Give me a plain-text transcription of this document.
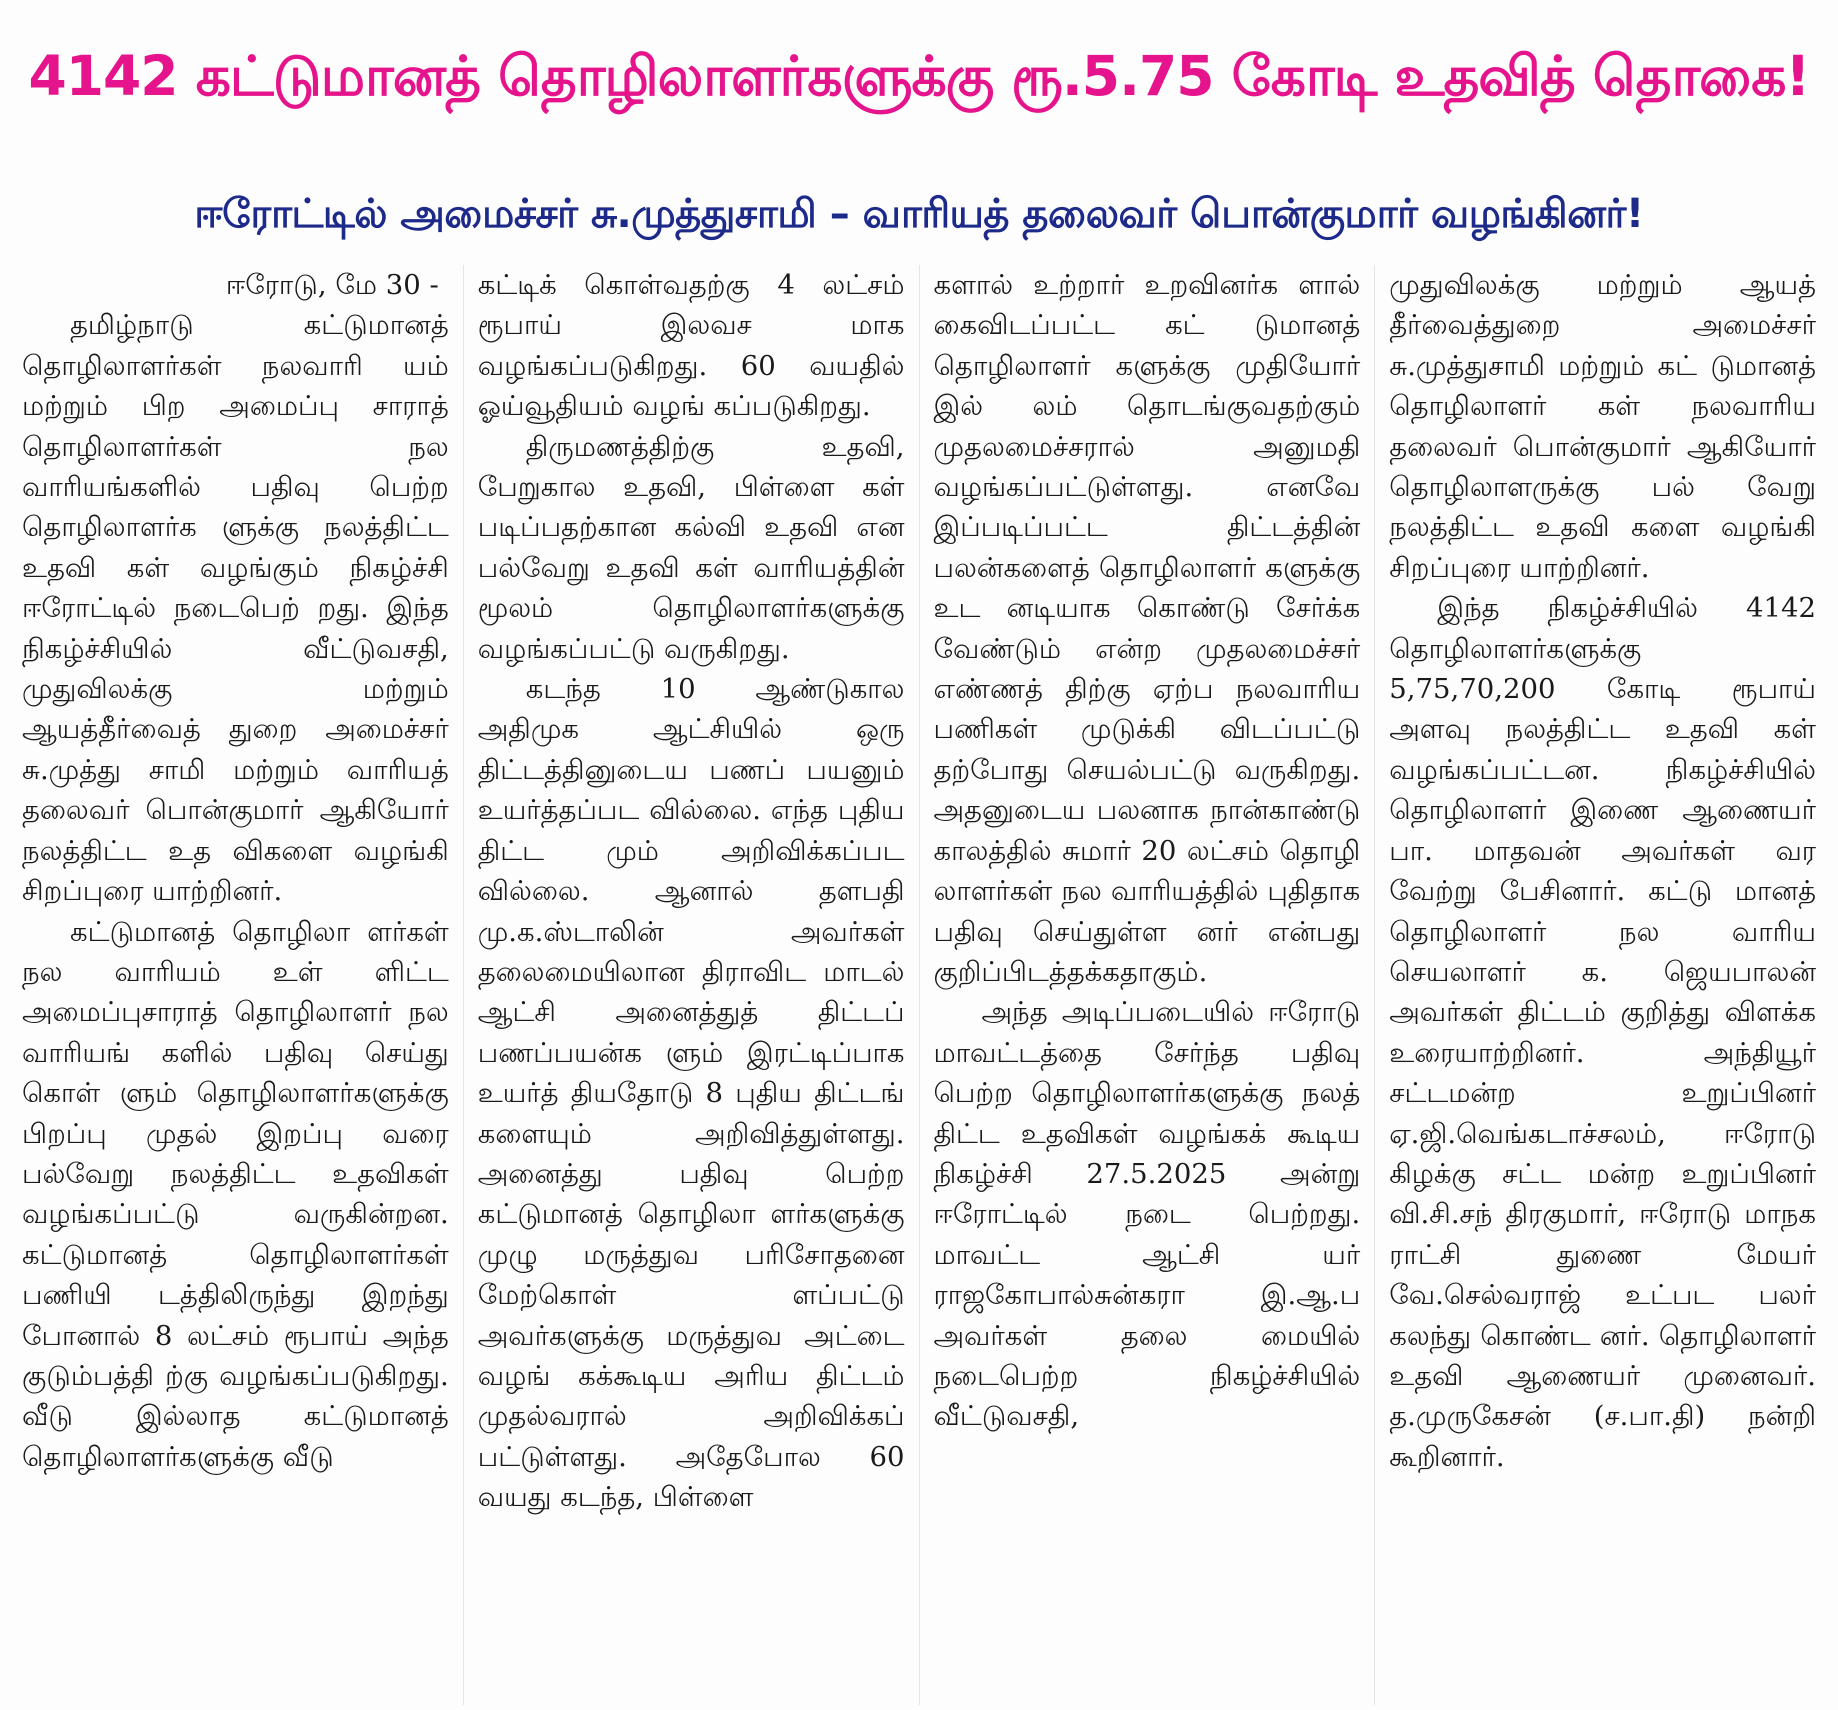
4142 கட்டுமானத் தொழிலாளர்களுக்கு ரூ.5.75 கோடி உதவித் தொகை!
ஈரோட்டில் அமைச்சர் சு.முத்துசாமி – வாரியத் தலைவர் பொன்குமார் வழங்கினர்!

ஈரோடு, மே 30 -

தமிழ்நாடு கட்டுமானத் தொழிலாளர்கள் நலவாரி யம் மற்றும் பிற அமைப்பு சாராத் தொழிலாளர்கள் நல வாரியங்களில் பதிவு பெற்ற தொழிலாளர்க ளுக்கு நலத்திட்ட உதவி கள் வழங்கும் நிகழ்ச்சி ஈரோட்டில் நடைபெற் றது. இந்த நிகழ்ச்சியில் வீட்டுவசதி, முதுவிலக்கு மற்றும் ஆயத்தீர்வைத் துறை அமைச்சர் சு.முத்து சாமி மற்றும் வாரியத் தலைவர் பொன்குமார் ஆகியோர் நலத்திட்ட உத விகளை வழங்கி சிறப்புரை யாற்றினர்.

கட்டுமானத் தொழிலா ளர்கள் நல வாரியம் உள் ளிட்ட அமைப்புசாராத் தொழிலாளர் நல வாரியங் களில் பதிவு செய்து கொள் ளும் தொழிலாளர்களுக்கு பிறப்பு முதல் இறப்பு வரை பல்வேறு நலத்திட்ட உதவிகள் வழங்கப்பட்டு வருகின்றன. கட்டுமானத் தொழிலாளர்கள் பணியி டத்திலிருந்து இறந்து போனால் 8 லட்சம் ரூபாய் அந்த குடும்பத்தி ற்கு வழங்கப்படுகிறது. வீடு இல்லாத கட்டுமானத் தொழிலாளர்களுக்கு வீடு

கட்டிக் கொள்வதற்கு 4 லட்சம் ரூபாய் இலவச மாக வழங்கப்படுகிறது. 60 வயதில் ஓய்வூதியம் வழங் கப்படுகிறது.

திருமணத்திற்கு உதவி, பேறுகால உதவி, பிள்ளை கள் படிப்பதற்கான கல்வி உதவி என பல்வேறு உதவி கள் வாரியத்தின் மூலம் தொழிலாளர்களுக்கு வழங்கப்பட்டு வருகிறது.

கடந்த 10 ஆண்டுகால அதிமுக ஆட்சியில் ஒரு திட்டத்தினுடைய பணப் பயனும் உயர்த்தப்பட வில்லை. எந்த புதிய திட்ட மும் அறிவிக்கப்பட வில்லை. ஆனால் தளபதி மு.க.ஸ்டாலின் அவர்கள் தலைமையிலான திராவிட மாடல் ஆட்சி அனைத்துத் திட்டப் பணப்பயன்க ளும் இரட்டிப்பாக உயர்த் தியதோடு 8 புதிய திட்டங் களையும் அறிவித்துள்ளது. அனைத்து பதிவு பெற்ற கட்டுமானத் தொழிலா ளர்களுக்கு முழு மருத்துவ பரிசோதனை மேற்கொள் ளப்பட்டு அவர்களுக்கு மருத்துவ அட்டை வழங் கக்கூடிய அரிய திட்டம் முதல்வரால் அறிவிக்கப் பட்டுள்ளது. அதேபோல 60 வயது கடந்த, பிள்ளை

களால் உற்றார் உறவினர்க ளால் கைவிடப்பட்ட கட் டுமானத் தொழிலாளர் களுக்கு முதியோர் இல் லம் தொடங்குவதற்கும் முதலமைச்சரால் அனுமதி வழங்கப்பட்டுள்ளது. எனவே இப்படிப்பட்ட திட்டத்தின் பலன்களைத் தொழிலாளர் களுக்கு உட னடியாக கொண்டு சேர்க்க வேண்டும் என்ற முதலமைச்சர் எண்ணத் திற்கு ஏற்ப நலவாரிய பணிகள் முடுக்கி விடப்பட்டு தற்போது செயல்பட்டு வருகிறது. அதனுடைய பலனாக நான்காண்டு காலத்தில் சுமார் 20 லட்சம் தொழி லாளர்கள் நல வாரியத்தில் புதிதாக பதிவு செய்துள்ள னர் என்பது குறிப்பிடத்தக்கதாகும்.

அந்த அடிப்படையில் ஈரோடு மாவட்டத்தை சேர்ந்த பதிவு பெற்ற தொழிலாளர்களுக்கு நலத் திட்ட உதவிகள் வழங்கக் கூடிய நிகழ்ச்சி 27.5.2025 அன்று ஈரோட்டில் நடை பெற்றது. மாவட்ட ஆட்சி யர் ராஜகோபால்சுன்கரா இ.ஆ.ப அவர்கள் தலை மையில் நடைபெற்ற நிகழ்ச்சியில் வீட்டுவசதி,

முதுவிலக்கு மற்றும் ஆயத் தீர்வைத்துறை அமைச்சர் சு.முத்துசாமி மற்றும் கட் டுமானத் தொழிலாளர் கள் நலவாரிய தலைவர் பொன்குமார் ஆகியோர் தொழிலாளருக்கு பல் வேறு நலத்திட்ட உதவி களை வழங்கி சிறப்புரை யாற்றினர்.

இந்த நிகழ்ச்சியில் 4142 தொழிலாளர்களுக்கு 5,75,70,200 கோடி ரூபாய் அளவு நலத்திட்ட உதவி கள் வழங்கப்பட்டன. நிகழ்ச்சியில் தொழிலாளர் இணை ஆணையர் பா. மாதவன் அவர்கள் வர வேற்று பேசினார். கட்டு மானத் தொழிலாளர் நல வாரிய செயலாளர் க. ஜெயபாலன் அவர்கள் திட்டம் குறித்து விளக்க உரையாற்றினர். அந்தியூர் சட்டமன்ற உறுப்பினர் ஏ.ஜி.வெங்கடாச்சலம், ஈரோடு கிழக்கு சட்ட மன்ற உறுப்பினர் வி.சி.சந் திரகுமார், ஈரோடு மாநக ராட்சி துணை மேயர் வே.செல்வராஜ் உட்பட பலர் கலந்து கொண்ட னர். தொழிலாளர் உதவி ஆணையர் முனைவர். த.முருகேசன் (ச.பா.தி) நன்றி கூறினார்.
